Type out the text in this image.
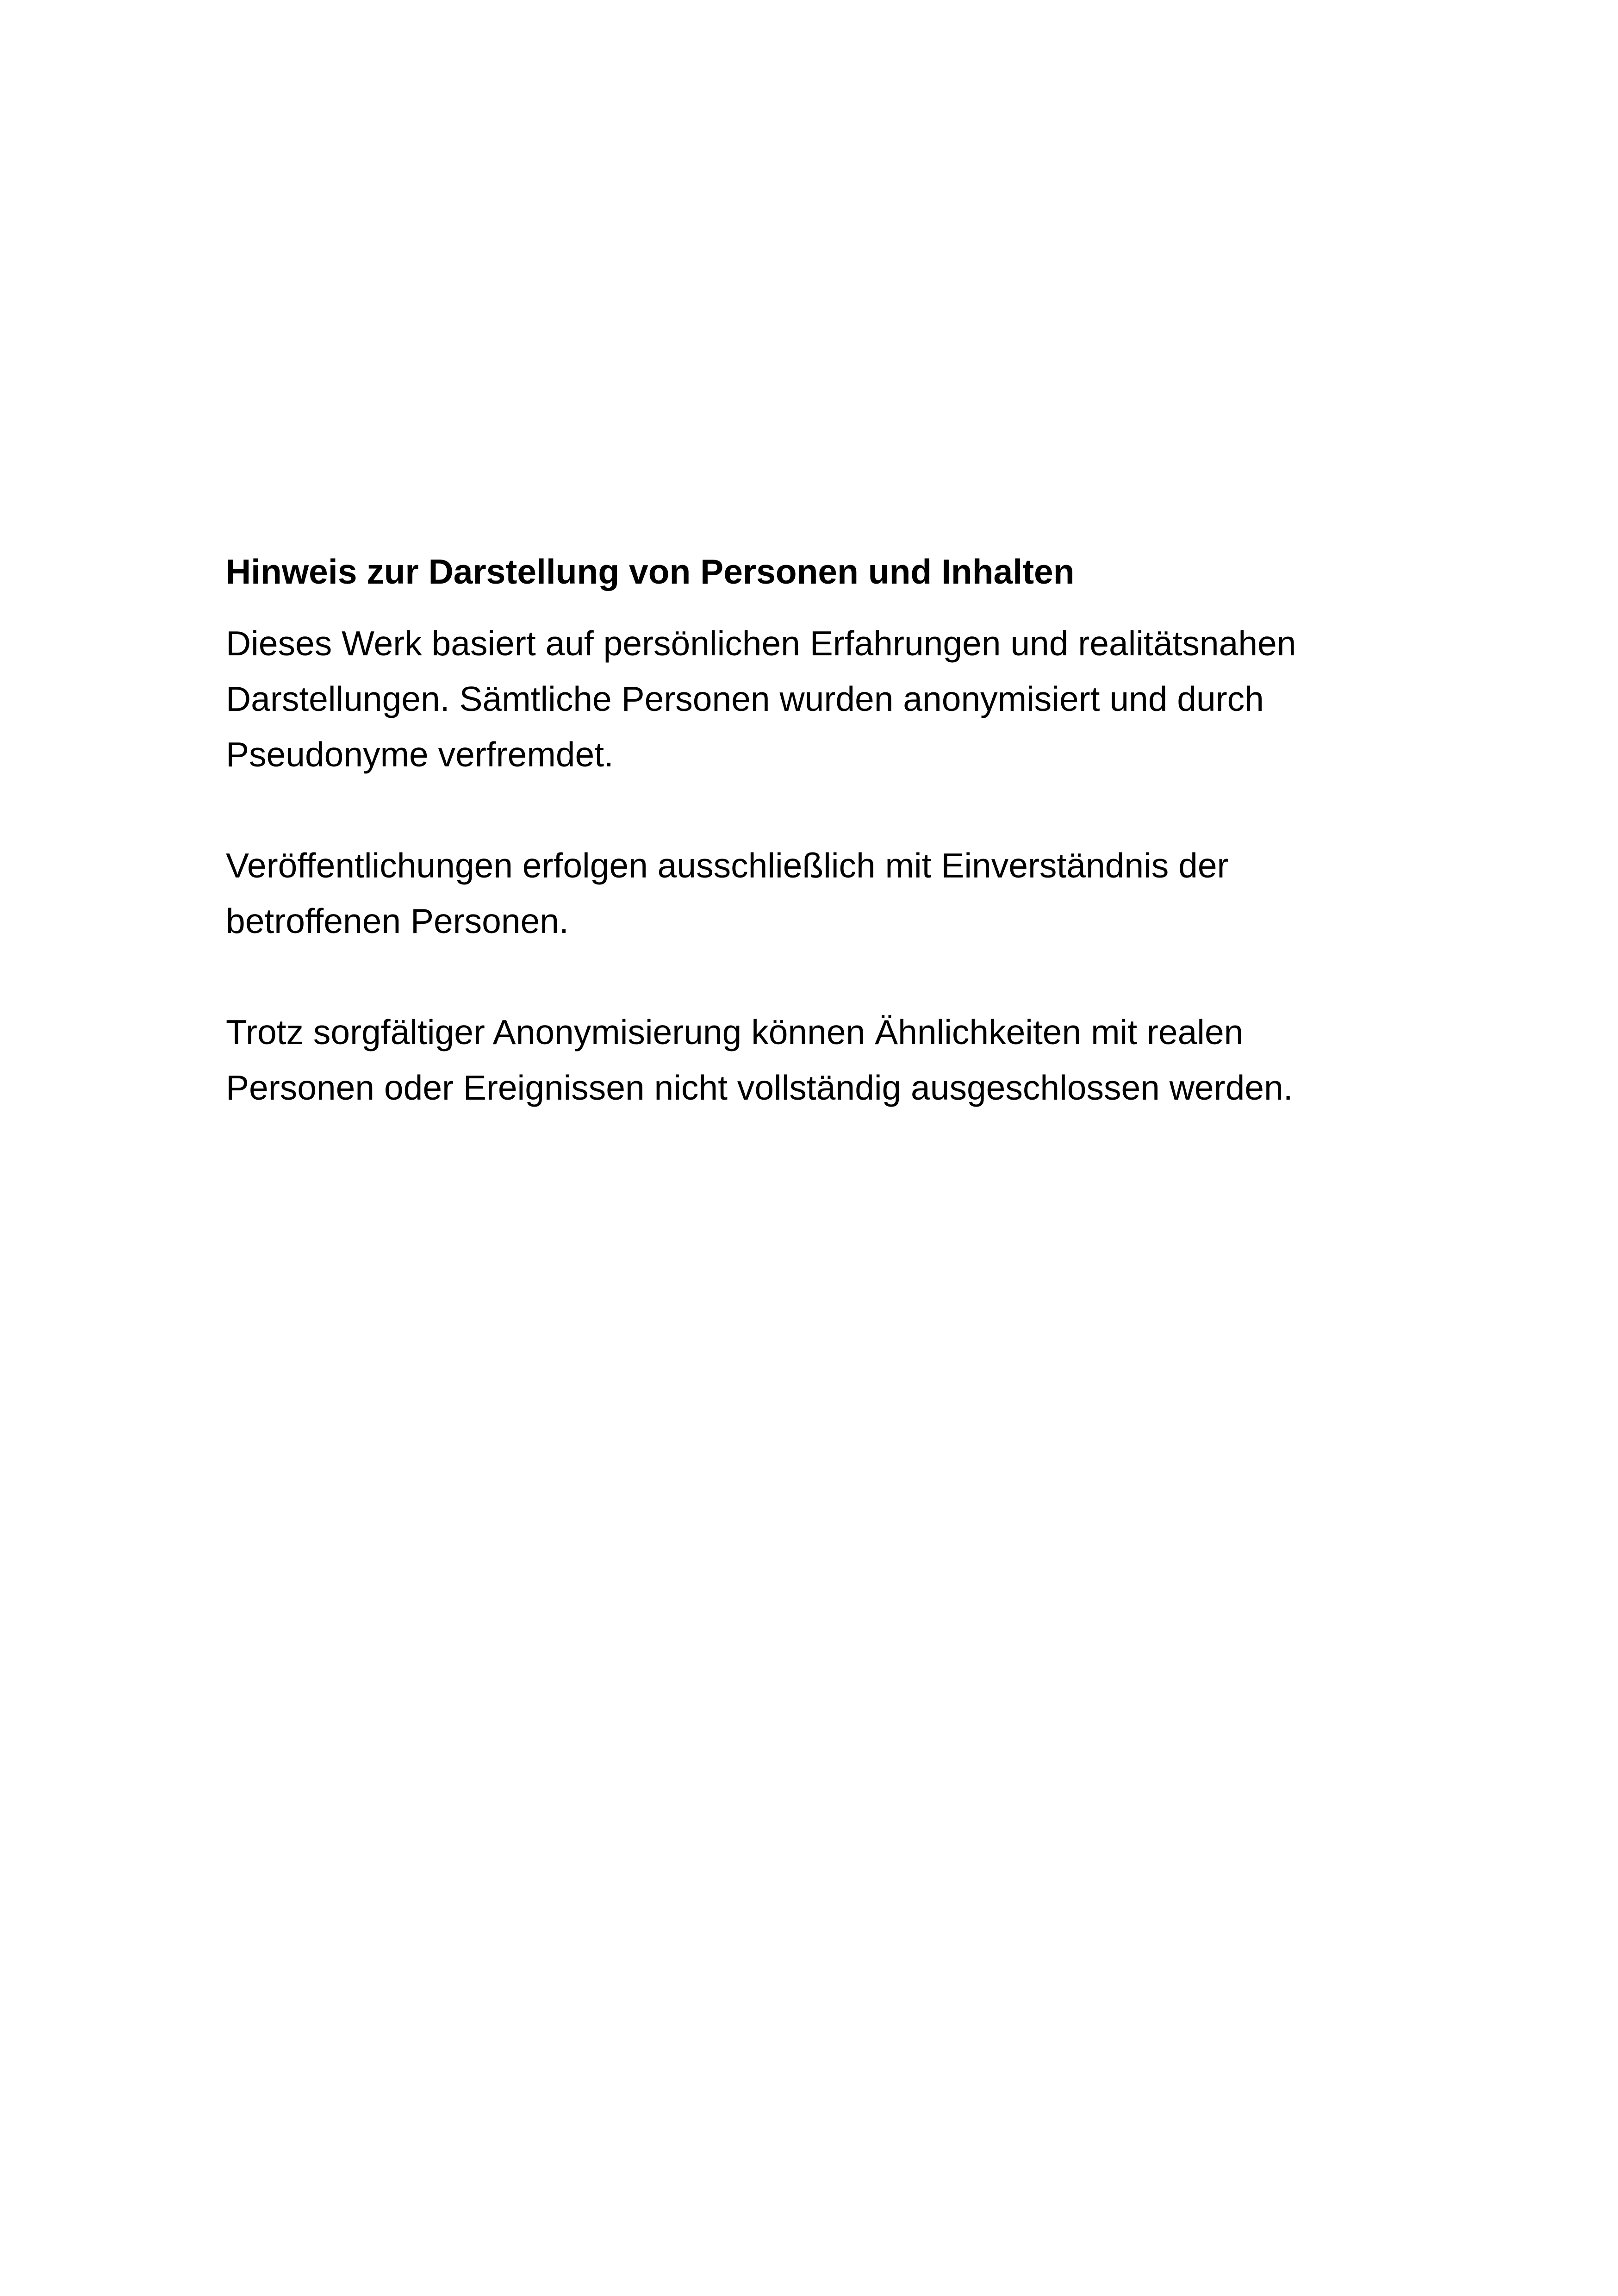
Hinweis zur Darstellung von Personen und Inhalten

Dieses Werk basiert auf persönlichen Erfahrungen und realitätsnahen
Darstellungen. Sämtliche Personen wurden anonymisiert und durch
Pseudonyme verfremdet.

Veröffentlichungen erfolgen ausschließlich mit Einverständnis der
betroffenen Personen.

Trotz sorgfältiger Anonymisierung können Ähnlichkeiten mit realen
Personen oder Ereignissen nicht vollständig ausgeschlossen werden.
